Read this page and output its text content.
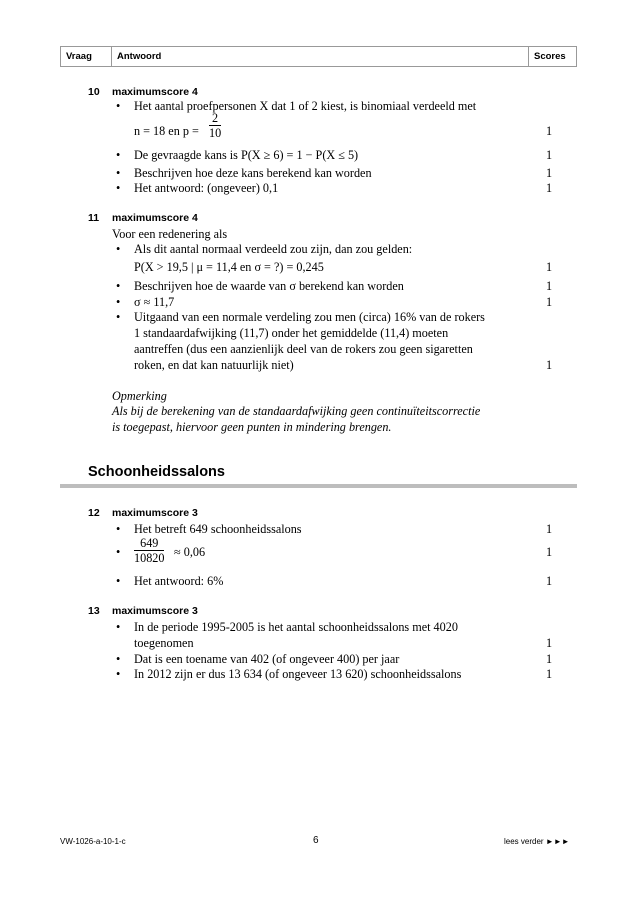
Vraag	Antwoord	Scores
10 maximumscore 4
• Het aantal proefpersonen X dat 1 of 2 kiest, is binomiaal verdeeld met
n = 18 en $p = \frac{2}{10}$	1
• De gevraagde kans is P(X ≥ 6) = 1 − P(X ≤ 5)	1
• Beschrijven hoe deze kans berekend kan worden	1
• Het antwoord: (ongeveer) 0,1	1
11 maximumscore 4
Voor een redenering als
• Als dit aantal normaal verdeeld zou zijn, dan zou gelden:
P(X > 19,5 | μ = 11,4 en σ = ?) = 0,245	1
• Beschrijven hoe de waarde van σ berekend kan worden	1
• σ ≈ 11,7	1
• Uitgaand van een normale verdeling zou men (circa) 16% van de rokers
1 standaardafwijking (11,7) onder het gemiddelde (11,4) moeten
aantreffen (dus een aanzienlijk deel van de rokers zou geen sigaretten
roken, en dat kan natuurlijk niet)	1
Opmerking
Als bij de berekening van de standaardafwijking geen continuïteitscorrectie
is toegepast, hiervoor geen punten in mindering brengen.
Schoonheidssalons
12 maximumscore 3
• Het betreft 649 schoonheidssalons	1
• $\frac{649}{10820} \approx 0,06$	1
• Het antwoord: 6%	1
13 maximumscore 3
• In de periode 1995-2005 is het aantal schoonheidssalons met 4020
toegenomen	1
• Dat is een toename van 402 (of ongeveer 400) per jaar	1
• In 2012 zijn er dus 13 634 (of ongeveer 13 620) schoonheidssalons	1
VW-1026-a-10-1-c	6	lees verder ►►►
